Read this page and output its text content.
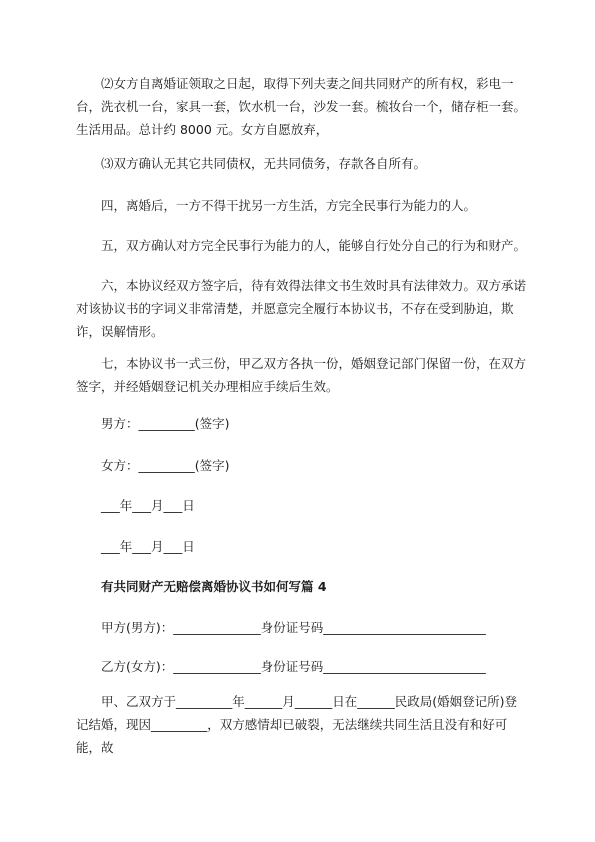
⑵女方自离婚证领取之日起，取得下列夫妻之间共同财产的所有权，彩电一台，洗衣机一台，家具一套，饮水机一台，沙发一套。梳妆台一个，储存柜一套。生活用品。总计约 8000 元。女方自愿放弃，

⑶双方确认无其它共同债权，无共同债务，存款各自所有。

四，离婚后，一方不得干扰另一方生活，方完全民事行为能力的人。

五，双方确认对方完全民事行为能力的人，能够自行处分自己的行为和财产。

六，本协议经双方签字后，待有效得法律文书生效时具有法律效力。双方承诺对该协议书的字词义非常清楚，并愿意完全履行本协议书，不存在受到胁迫，欺诈，误解情形。

七，本协议书一式三份，甲乙双方各执一份，婚姻登记部门保留一份，在双方签字，并经婚姻登记机关办理相应手续后生效。

男方：_________(签字)

女方：_________(签字)

___年___月___日

___年___月___日

有共同财产无赔偿离婚协议书如何写篇 4

甲方(男方)：______________身份证号码__________________________

乙方(女方)：______________身份证号码__________________________

甲、乙双方于_________年______月______日在______民政局(婚姻登记所)登记结婚，现因_________，双方感情却已破裂，无法继续共同生活且没有和好可能，故
